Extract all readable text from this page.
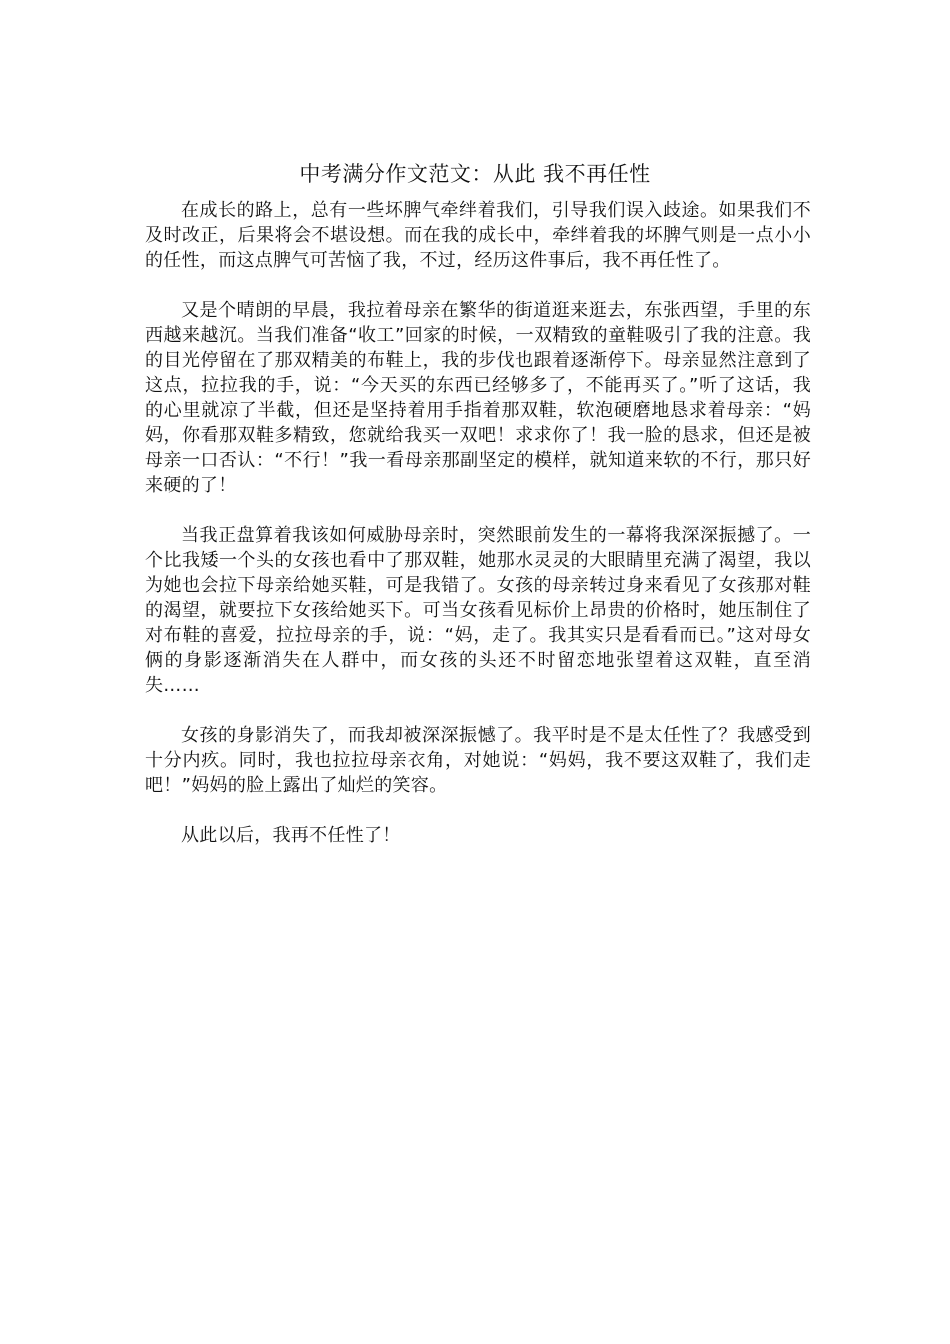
中考满分作文范文：从此 我不再任性

在成长的路上，总有一些坏脾气牵绊着我们，引导我们误入歧途。如果我们不及时改正，后果将会不堪设想。而在我的成长中，牵绊着我的坏脾气则是一点小小的任性，而这点脾气可苦恼了我，不过，经历这件事后，我不再任性了。

又是个晴朗的早晨，我拉着母亲在繁华的街道逛来逛去，东张西望，手里的东西越来越沉。当我们准备“收工”回家的时候，一双精致的童鞋吸引了我的注意。我的目光停留在了那双精美的布鞋上，我的步伐也跟着逐渐停下。母亲显然注意到了这点，拉拉我的手，说：“今天买的东西已经够多了，不能再买了。”听了这话，我的心里就凉了半截，但还是坚持着用手指着那双鞋，软泡硬磨地恳求着母亲：“妈妈，你看那双鞋多精致，您就给我买一双吧！求求你了！我一脸的恳求，但还是被母亲一口否认：“不行！”我一看母亲那副坚定的模样，就知道来软的不行，那只好来硬的了！

当我正盘算着我该如何威胁母亲时，突然眼前发生的一幕将我深深振撼了。一个比我矮一个头的女孩也看中了那双鞋，她那水灵灵的大眼睛里充满了渴望，我以为她也会拉下母亲给她买鞋，可是我错了。女孩的母亲转过身来看见了女孩那对鞋的渴望，就要拉下女孩给她买下。可当女孩看见标价上昂贵的价格时，她压制住了对布鞋的喜爱，拉拉母亲的手，说：“妈，走了。我其实只是看看而已。”这对母女俩的身影逐渐消失在人群中，而女孩的头还不时留恋地张望着这双鞋，直至消失……

女孩的身影消失了，而我却被深深振憾了。我平时是不是太任性了？我感受到十分内疚。同时，我也拉拉母亲衣角，对她说：“妈妈，我不要这双鞋了，我们走吧！”妈妈的脸上露出了灿烂的笑容。

从此以后，我再不任性了！
